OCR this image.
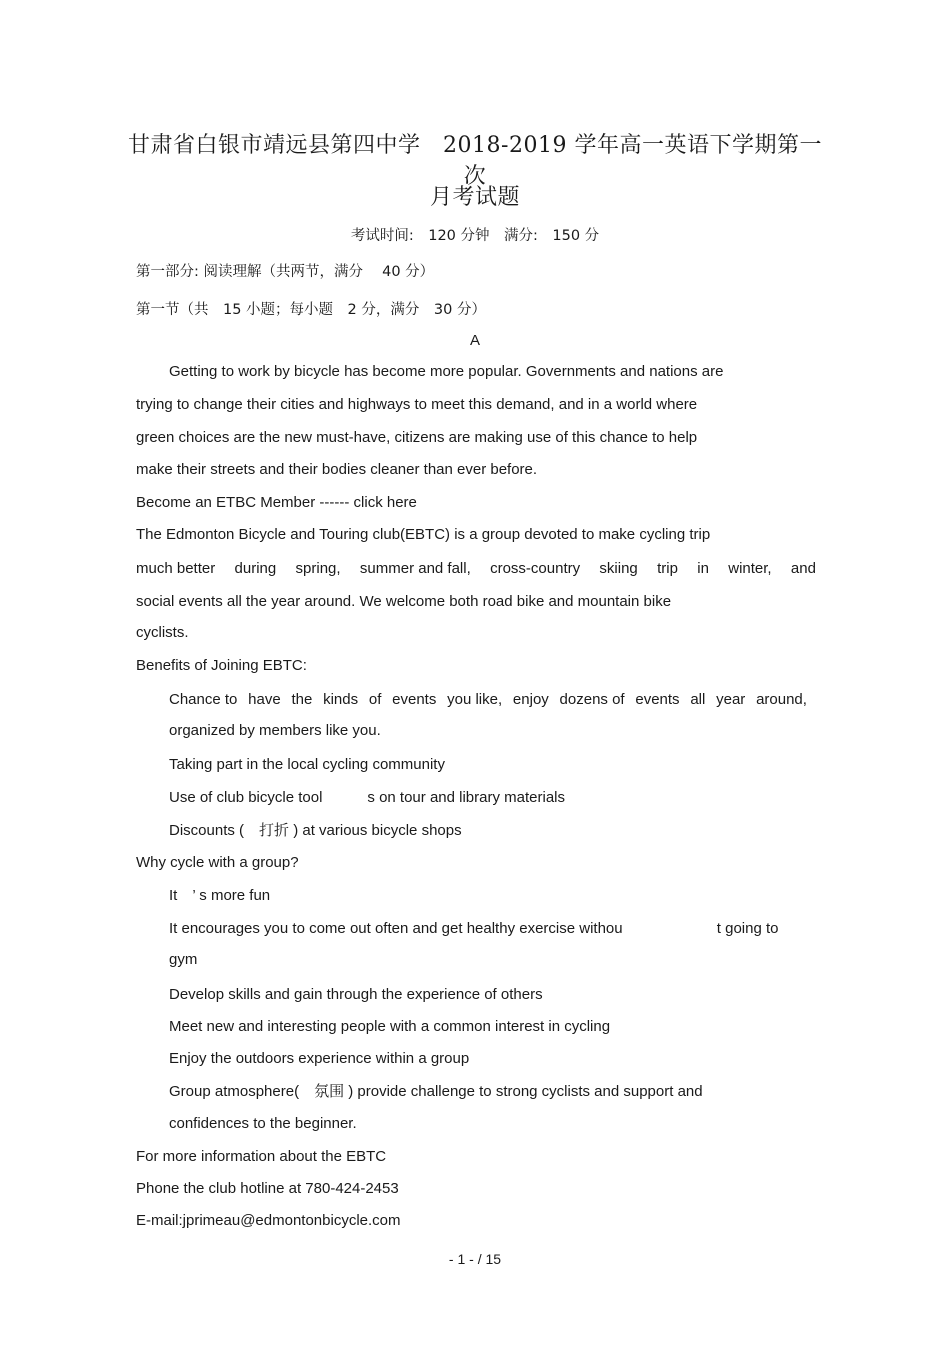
甘肃省白银市靖远县第四中学　2018-2019 学年高一英语下学期第一次
月考试题
考试时间:　120 分钟　满分:　150 分
第一部分: 阅读理解（共两节，满分　 40 分）
第一节（共　15 小题；每小题　2 分，满分　30 分）
A
Getting to work by bicycle has become more popular. Governments and nations are
trying to change their cities and highways to meet this demand, and in a world where
green choices are the new must-have, citizens are making use of this chance to help
make their streets and their bodies cleaner than ever before.
Become an ETBC Member ------ click here
The Edmonton Bicycle and Touring club(EBTC) is a group devoted to make cycling trip
much better during spring, summer and fall, cross-country skiing trip in winter, and
social events all the year around. We welcome both road bike and mountain bike
cyclists.
Benefits of Joining EBTC:
Chance to have the kinds of events you like, enjoy dozens of events all year around,
organized by members like you.
Taking part in the local cycling community
Use of club bicycle tool　　　s on tour and library materials
Discounts (　打折 ) at various bicycle shops
Why cycle with a group?
It　’ s more fun
It encourages you to come out often and get healthy exercise withou　　　　　　 t going to
gym
Develop skills and gain through the experience of others
Meet new and interesting people with a common interest in cycling
Enjoy the outdoors experience within a group
Group atmosphere(　氛围 ) provide challenge to strong cyclists and support and
confidences to the beginner.
For more information about the EBTC
Phone the club hotline at 780-424-2453
E-mail:jprimeau@edmontonbicycle.com
- 1 - / 15
